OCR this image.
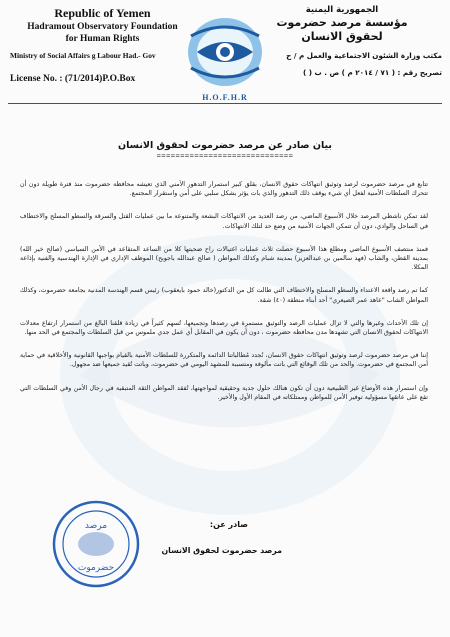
Republic of Yemen
Hadramout Observatory Foundation
for Human Rights
Ministry of Social Affairs g Labour Had.- Gov
License No. : (71/2014)P.O.Box
H.O.F.H.R
الجمهورية اليمنية
مؤسسة مرصد حضرموت
لحقوق الانسان
مكتب وزارة الشئون الاجتماعية والعمل م / ح
تصريح رقم : ( ٧١ / ٢٠١٤ م ) ص . ب ( )
بيان صادر عن مرصد حضرموت لحقوق الانسان
=============================

تتابع في مرصد حضرموت لرصد وتوثيق انتهاكات حقوق الانسان، بقلق كبير استمرار التدهور الأمني الذي تعيشه محافظة حضرموت منذ فترة طويلة دون أن تتحرك السلطات الأمنية لفعل أي شيء يوقف ذلك التدهور والذي بات يؤثر بشكل سلبي على أمن واستقرار المجتمع.

لقد تمكن ناشطي المرصد خلال الأسبوع الماضي، من رصد العديد من الانتهاكات البشعة والمتنوعة ما بين عمليات القتل والسرقة والسطو المسلح والاختطاف في الساحل والوادي، دون أن تتمكن الجهات الأمنية من وضع حد لتلك الانتهاكات.

فمنذ منتصف الأسبوع الماضي ومطلع هذا الأسبوع حصلت ثلاث عمليات اغتيالات راح ضحيتها كلا من الساعد المتقاعد في الأمن السياسي (صالح خير الله) بمدينة القطن، والشاب (فهد سالمين بن عبدالعزيز) بمدينة شبام وكذلك المواطن ( صالح عبدالله باجوبح) الموظف الإداري في الإدارة الهندسية والفنية بإذاعة المكلا.

كما تم رصد واقعة الاعتداء والسطو المسلح والاختطاف التي طالت كل من الدكتور(خالد حمود بايعقوب) رئيس قسم الهندسة المدنية بجامعة حضرموت، وكذلك المواطن الشاب "عاهد عمر الصيعري" أحد أبناء منطقة (٤٠) شقة.

إن تلك الأحداث وغيرها والتي لا تزال عمليات الرصد والتوثيق مستمرة في رصدها وتجميعها، تُسهم كثيراً في زيادة قلقنا البالغ من استمرار ارتفاع معدلات الانتهاكات لحقوق الانسان التي تشهدها مدن محافظة حضرموت ، دون أن يكون في المقابل أي عمل جدي ملموس من قبل السلطات والمجتمع في الحد منها.

إننا في مرصد حضرموت لرصد وتوثيق انتهاكات حقوق الانسان، نُجدد مُطالباتنا الدائمة والمتكررة للسلطات الأمنية بالقيام بواجبها القانونية والأخلاقية في حماية أمن المجتمع في حضرموت. والحد من تلك الوقائع التي باتت مألوفة ومتسببة للمشهد اليومي في حضرموت، وباتت تُقيد جميعها ضد مجهول.

وإن استمرار هذه الأوضاع غير الطبيعية دون أن تكون هنالك حلول جدية وحقيقية لمواجهتها، تُفقد المواطن الثقة المتبقية في رجال الأمن وفي السلطات التي تقع على عاتقها مسؤولية توفير الأمن للمواطن وممتلكاته في المقام الأول والأخير.

مرصد
حضرموت
صادر عن:
مرصد حضرموت لحقوق الانسان
